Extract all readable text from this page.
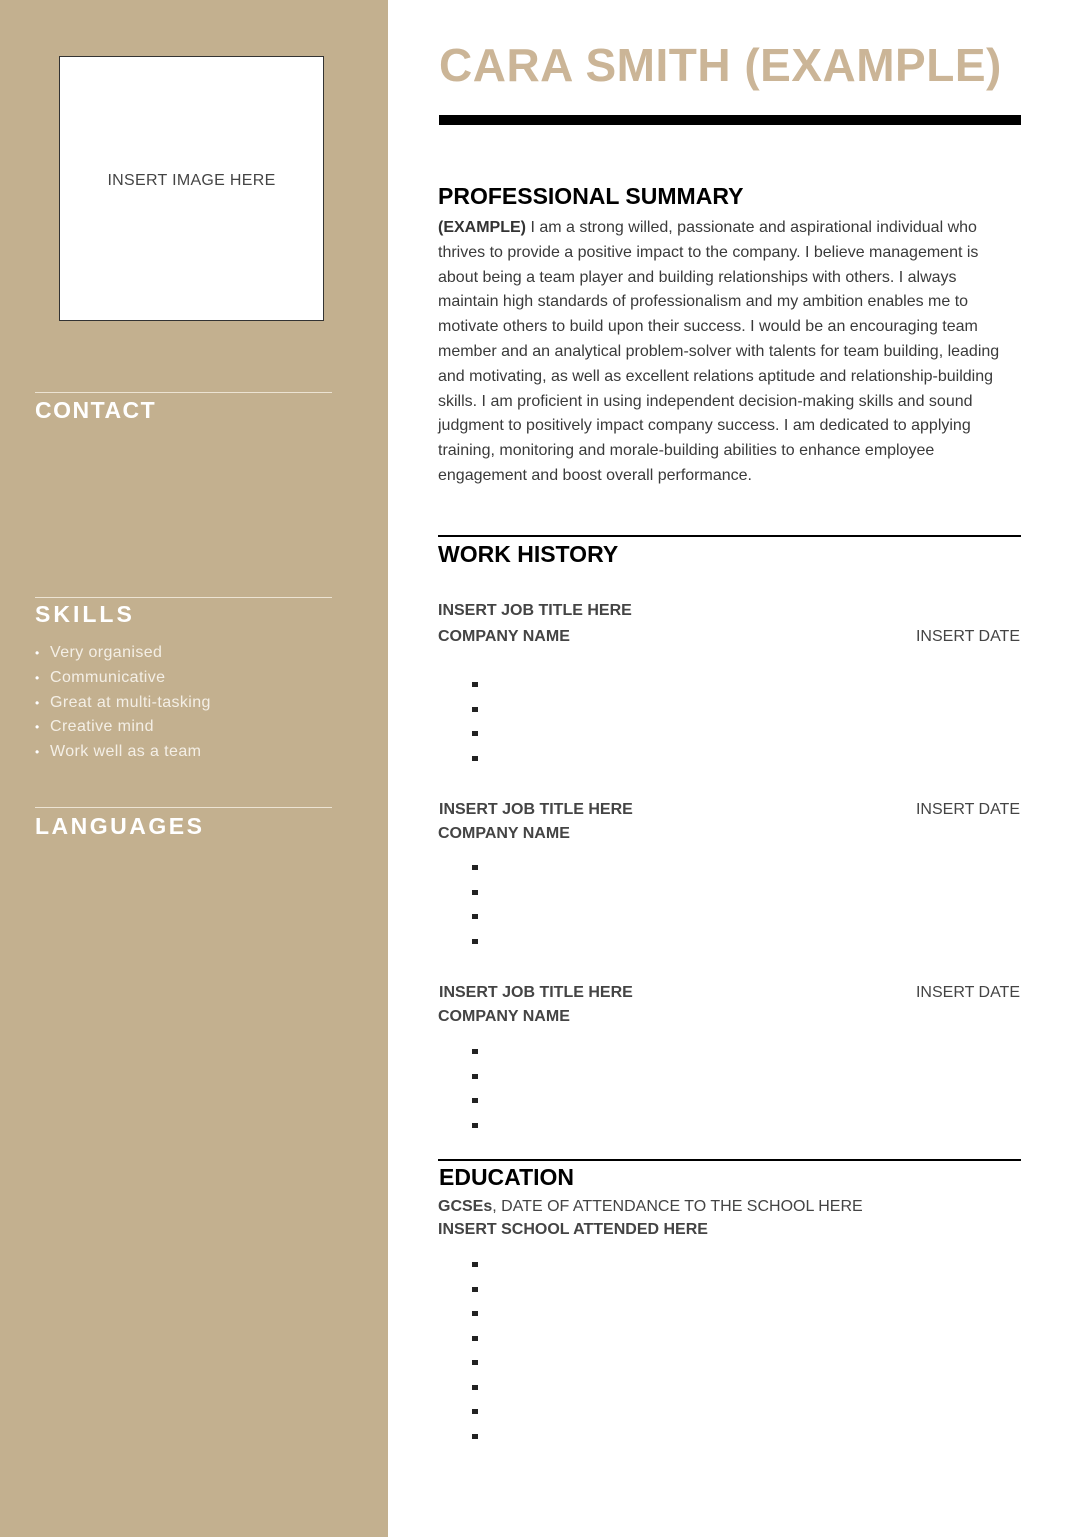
INSERT IMAGE HERE
CONTACT
SKILLS
• Very organised
• Communicative
• Great at multi-tasking
• Creative mind
• Work well as a team
LANGUAGES
CARA SMITH (EXAMPLE)
PROFESSIONAL SUMMARY

(EXAMPLE) I am a strong willed, passionate and aspirational individual who thrives to provide a positive impact to the company. I believe management is about being a team player and building relationships with others. I always maintain high standards of professionalism and my ambition enables me to motivate others to build upon their success. I would be an encouraging team member and an analytical problem-solver with talents for team building, leading and motivating, as well as excellent relations aptitude and relationship-building skills. I am proficient in using independent decision-making skills and sound judgment to positively impact company success. I am dedicated to applying training, monitoring and morale-building abilities to enhance employee engagement and boost overall performance.

WORK HISTORY
INSERT JOB TITLE HERE
COMPANY NAME	INSERT DATE
INSERT JOB TITLE HERE	INSERT DATE
COMPANY NAME
INSERT JOB TITLE HERE	INSERT DATE
COMPANY NAME
EDUCATION
GCSEs, DATE OF ATTENDANCE TO THE SCHOOL HERE
INSERT SCHOOL ATTENDED HERE
